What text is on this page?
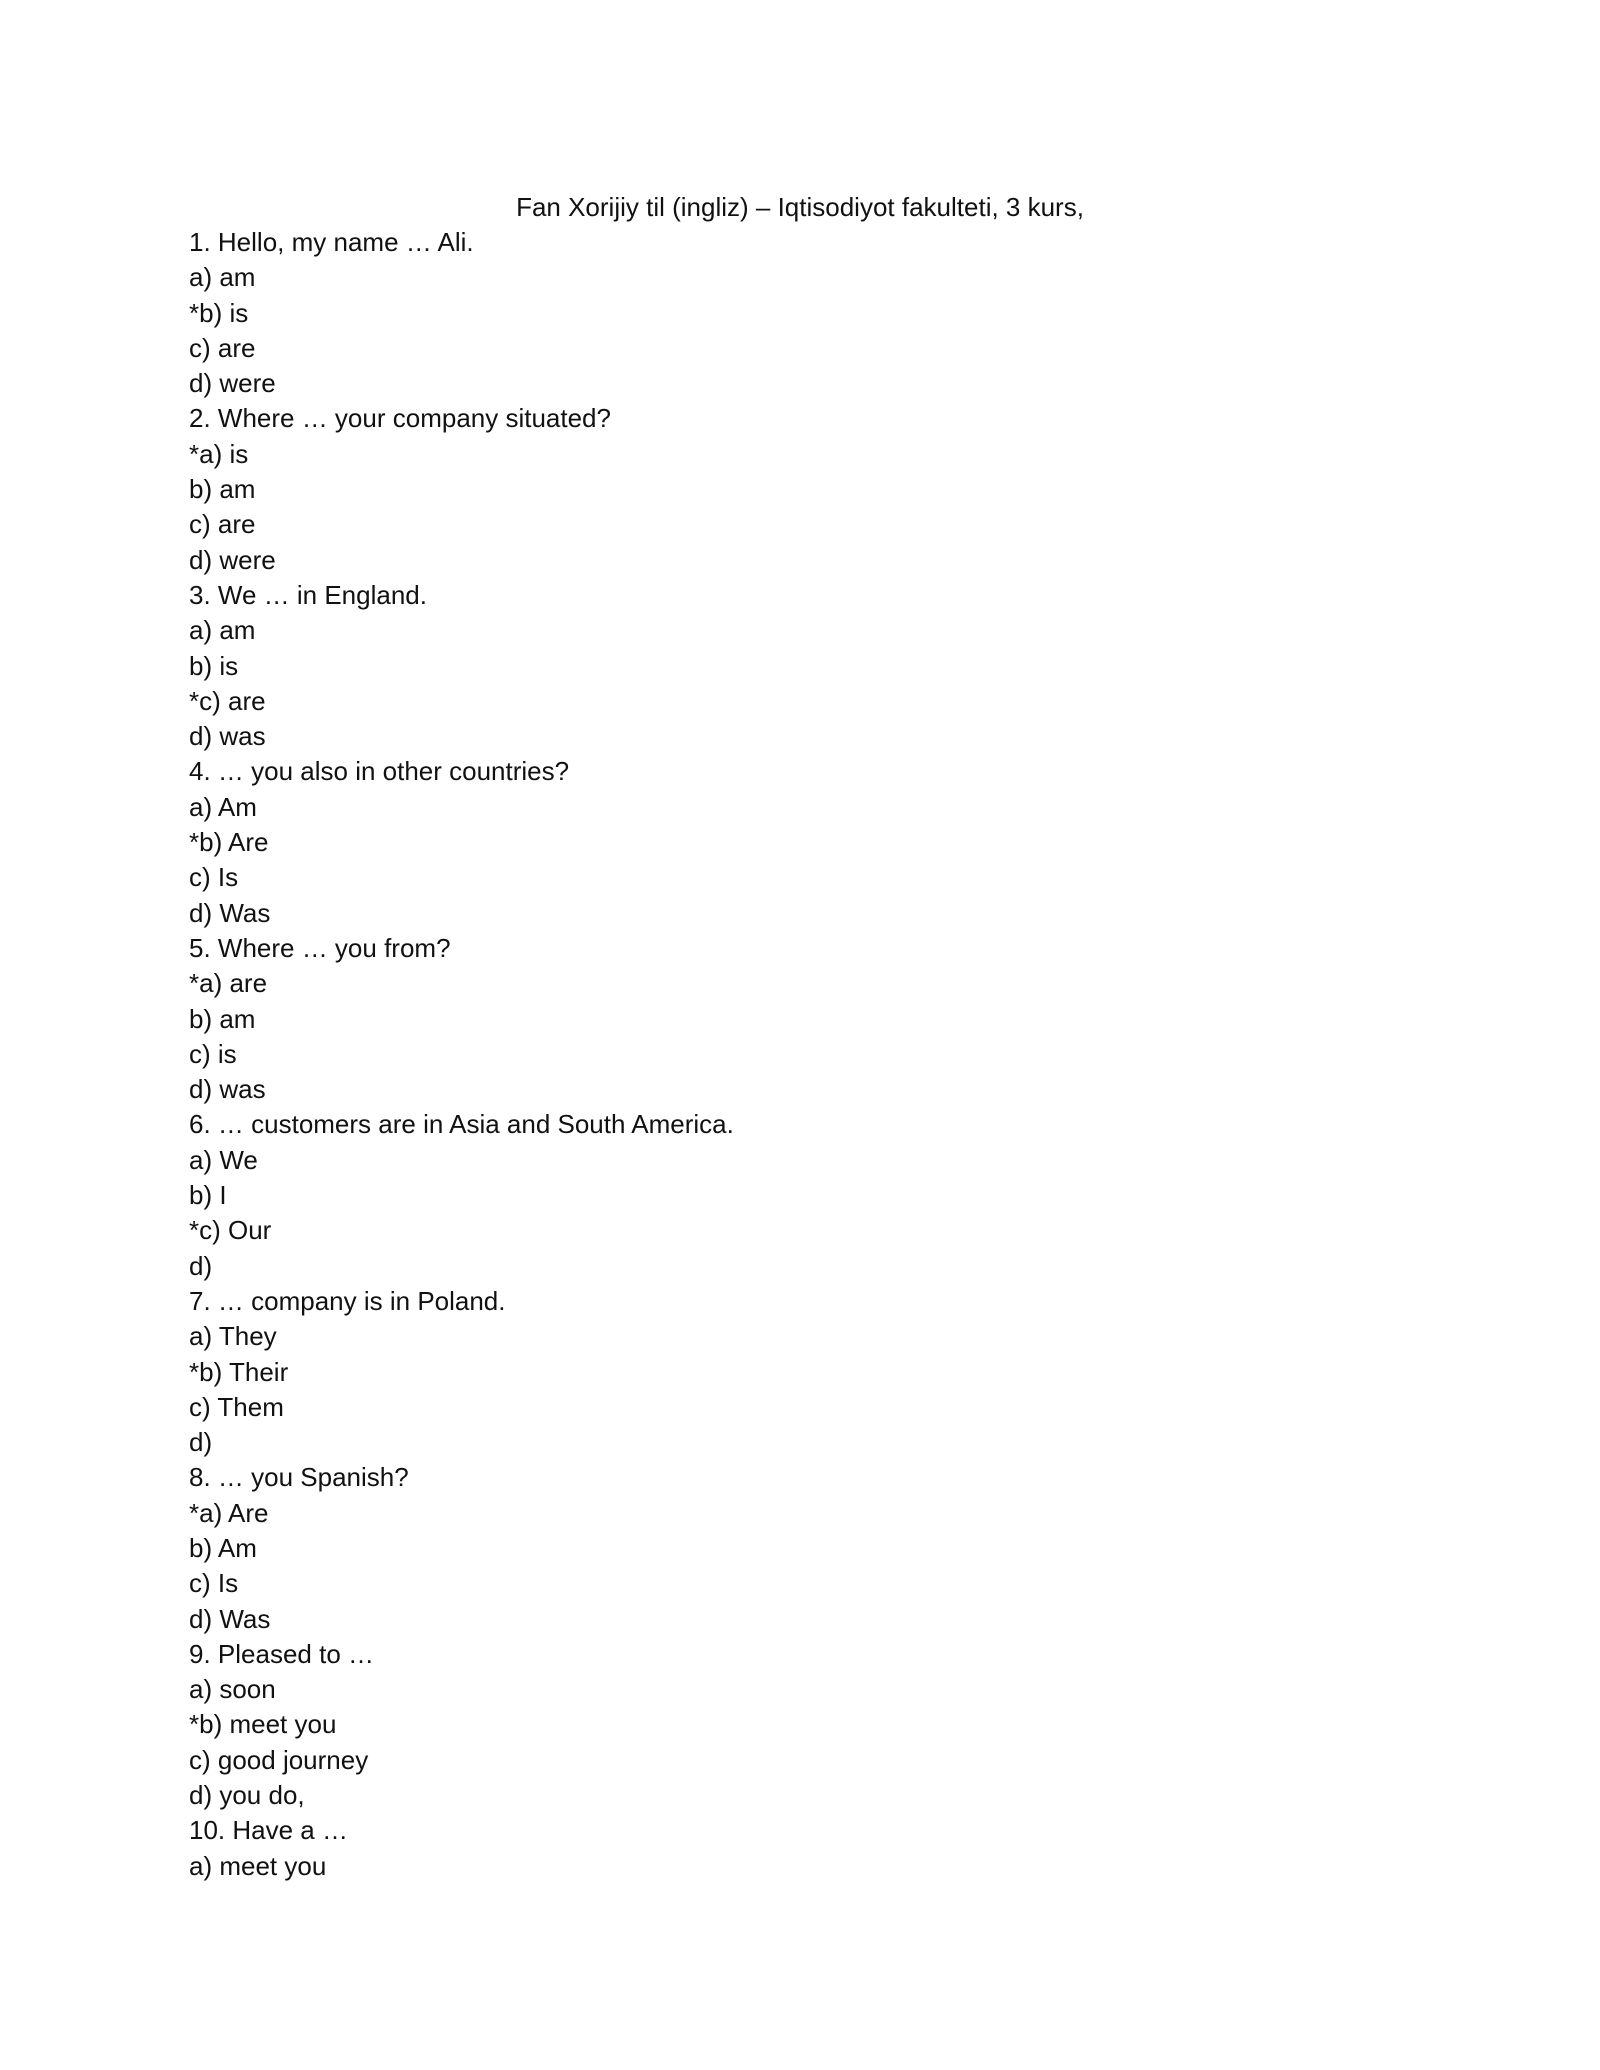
Fan Xorijiy til (ingliz) – Iqtisodiyot fakulteti, 3 kurs,
1. Hello, my name … Ali.
a) am
*b) is
c) are
d) were
2. Where … your company situated?
*a) is
b) am
c) are
d) were
3. We … in England.
a) am
b) is
*c) are
d) was
4. … you also in other countries?
a) Am
*b) Are
c) Is
d) Was
5. Where … you from?
*a) are
b) am
c) is
d) was
6. … customers are in Asia and South America.
a) We
b) I
*c) Our
d)
7. … company is in Poland.
a) They
*b) Their
c) Them
d)
8. … you Spanish?
*a) Are
b) Am
c) Is
d) Was
9. Pleased to …
a) soon
*b) meet you
c) good journey
d) you do,
10. Have a …
a) meet you
